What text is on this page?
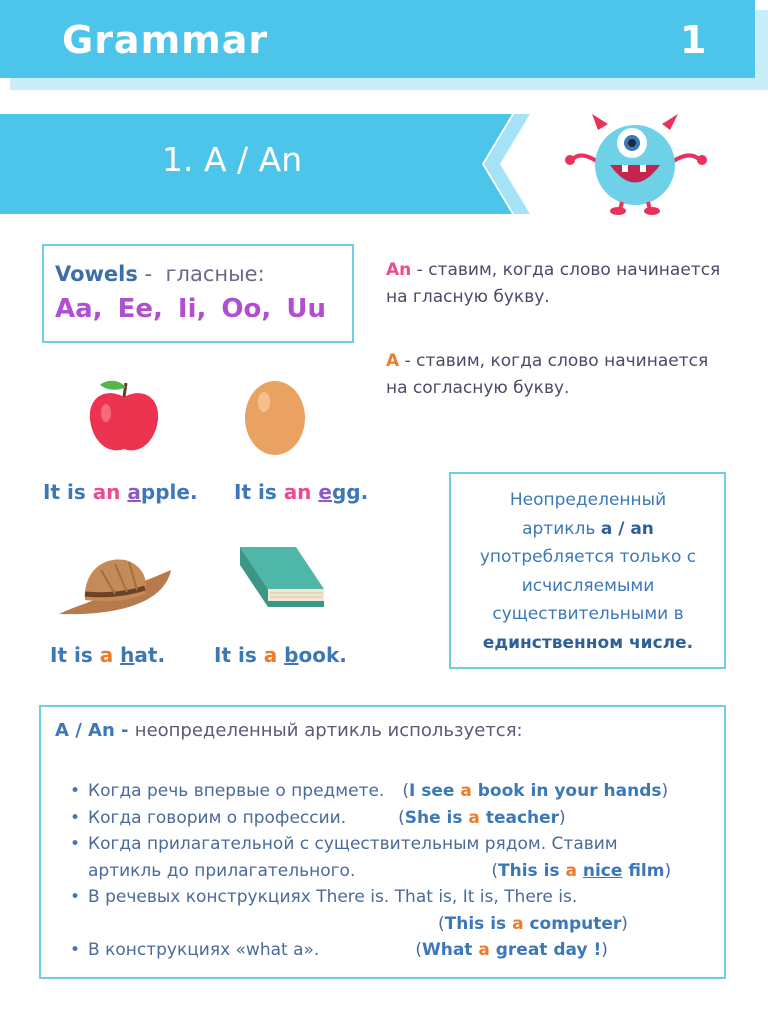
Grammar	1
1. A / An
Vowels -  гласные:
Aa, Ee, Ii, Oo, Uu
An - ставим, когда слово начинается на гласную букву.
A - ставим, когда слово начинается на согласную букву.
It is an apple. It is an egg.
It is a hat. It is a book.
Неопределенный
артикль a / an
употребляется только с
исчисляемыми
существительными в
единственном числе.
A / An - неопределенный артикль используется:
• Когда речь впервые о предмете. (I see a book in your hands)
• Когда говорим о профессии.	(She is a teacher)
• Когда прилагательной с существительным рядом. Ставим
артикль до прилагательного.	(This is a nice film)
• В речевых конструкциях There is. That is, It is, There is.
(This is a computer)
• В конструкциях «what a».	(What a great day !)
